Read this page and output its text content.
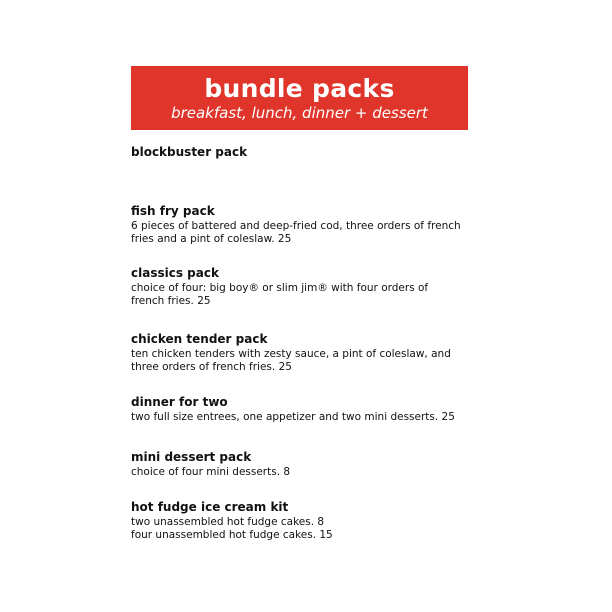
bundle packs
breakfast, lunch, dinner + dessert
blockbuster pack
fish fry pack
6 pieces of battered and deep-fried cod, three orders of french
fries and a pint of coleslaw. 25
classics pack
choice of four: big boy® or slim jim® with four orders of
french fries. 25
chicken tender pack
ten chicken tenders with zesty sauce, a pint of coleslaw, and
three orders of french fries. 25
dinner for two
two full size entrees, one appetizer and two mini desserts. 25
mini dessert pack
choice of four mini desserts. 8
hot fudge ice cream kit
two unassembled hot fudge cakes. 8
four unassembled hot fudge cakes. 15
